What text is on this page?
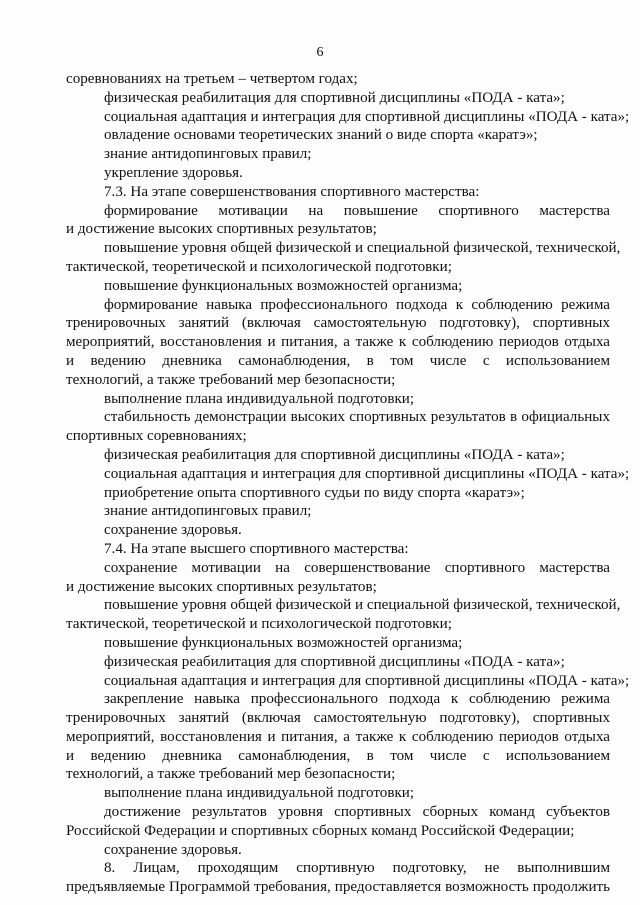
6
соревнованиях на третьем – четвертом годах;
физическая реабилитация для спортивной дисциплины «ПОДА - ката»;
социальная адаптация и интеграция для спортивной дисциплины «ПОДА - ката»;
овладение основами теоретических знаний о виде спорта «каратэ»;
знание антидопинговых правил;
укрепление здоровья.
7.3. На этапе совершенствования спортивного мастерства:
формирование мотивации на повышение спортивного мастерства
и достижение высоких спортивных результатов;
повышение уровня общей физической и специальной физической, технической,
тактической, теоретической и психологической подготовки;
повышение функциональных возможностей организма;
формирование навыка профессионального подхода к соблюдению режима
тренировочных занятий (включая самостоятельную подготовку), спортивных
мероприятий, восстановления и питания, а также к соблюдению периодов отдыха
и ведению дневника самонаблюдения, в том числе с использованием
технологий, а также требований мер безопасности;
выполнение плана индивидуальной подготовки;
стабильность демонстрации высоких спортивных результатов в официальных
спортивных соревнованиях;
физическая реабилитация для спортивной дисциплины «ПОДА - ката»;
социальная адаптация и интеграция для спортивной дисциплины «ПОДА - ката»;
приобретение опыта спортивного судьи по виду спорта «каратэ»;
знание антидопинговых правил;
сохранение здоровья.
7.4. На этапе высшего спортивного мастерства:
сохранение мотивации на совершенствование спортивного мастерства
и достижение высоких спортивных результатов;
повышение уровня общей физической и специальной физической, технической,
тактической, теоретической и психологической подготовки;
повышение функциональных возможностей организма;
физическая реабилитация для спортивной дисциплины «ПОДА - ката»;
социальная адаптация и интеграция для спортивной дисциплины «ПОДА - ката»;
закрепление навыка профессионального подхода к соблюдению режима
тренировочных занятий (включая самостоятельную подготовку), спортивных
мероприятий, восстановления и питания, а также к соблюдению периодов отдыха
и ведению дневника самонаблюдения, в том числе с использованием
технологий, а также требований мер безопасности;
выполнение плана индивидуальной подготовки;
достижение результатов уровня спортивных сборных команд субъектов
Российской Федерации и спортивных сборных команд Российской Федерации;
сохранение здоровья.
8. Лицам, проходящим спортивную подготовку, не выполнившим
предъявляемые Программой требования, предоставляется возможность продолжить
